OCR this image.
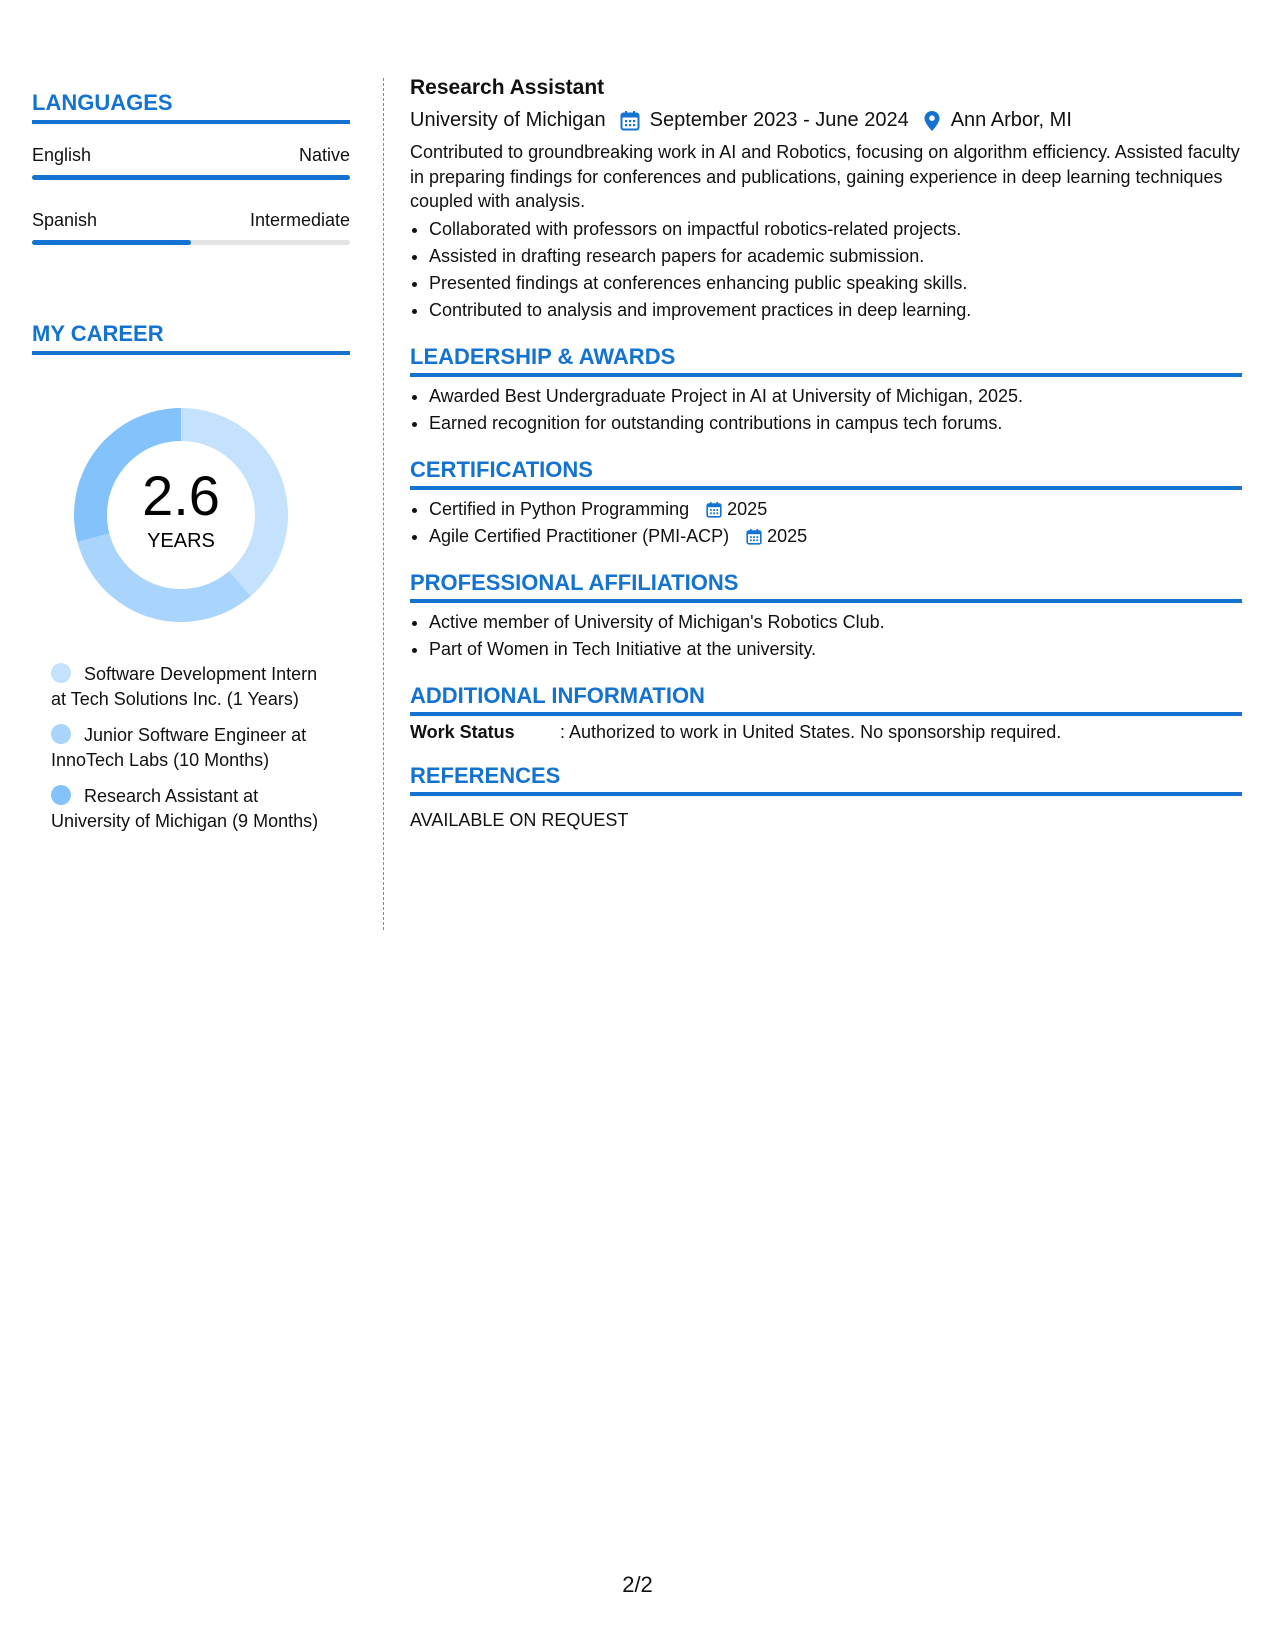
LANGUAGES
English	Native
Spanish	Intermediate
MY CAREER
2.6
YEARS
Software Development Intern at Tech Solutions Inc. (1 Years)
Junior Software Engineer at InnoTech Labs (10 Months)
Research Assistant at University of Michigan (9 Months)
Research Assistant
University of Michigan September 2023 - June 2024 Ann Arbor, MI
Contributed to groundbreaking work in AI and Robotics, focusing on algorithm efficiency. Assisted faculty in preparing findings for conferences and publications, gaining experience in deep learning techniques coupled with analysis.
• Collaborated with professors on impactful robotics-related projects.
• Assisted in drafting research papers for academic submission.
• Presented findings at conferences enhancing public speaking skills.
• Contributed to analysis and improvement practices in deep learning.
LEADERSHIP & AWARDS
• Awarded Best Undergraduate Project in AI at University of Michigan, 2025.
• Earned recognition for outstanding contributions in campus tech forums.
CERTIFICATIONS
• Certified in Python Programming 2025
• Agile Certified Practitioner (PMI-ACP) 2025
PROFESSIONAL AFFILIATIONS
• Active member of University of Michigan's Robotics Club.
• Part of Women in Tech Initiative at the university.
ADDITIONAL INFORMATION
Work Status	: Authorized to work in United States. No sponsorship required.
REFERENCES
AVAILABLE ON REQUEST
2/2
